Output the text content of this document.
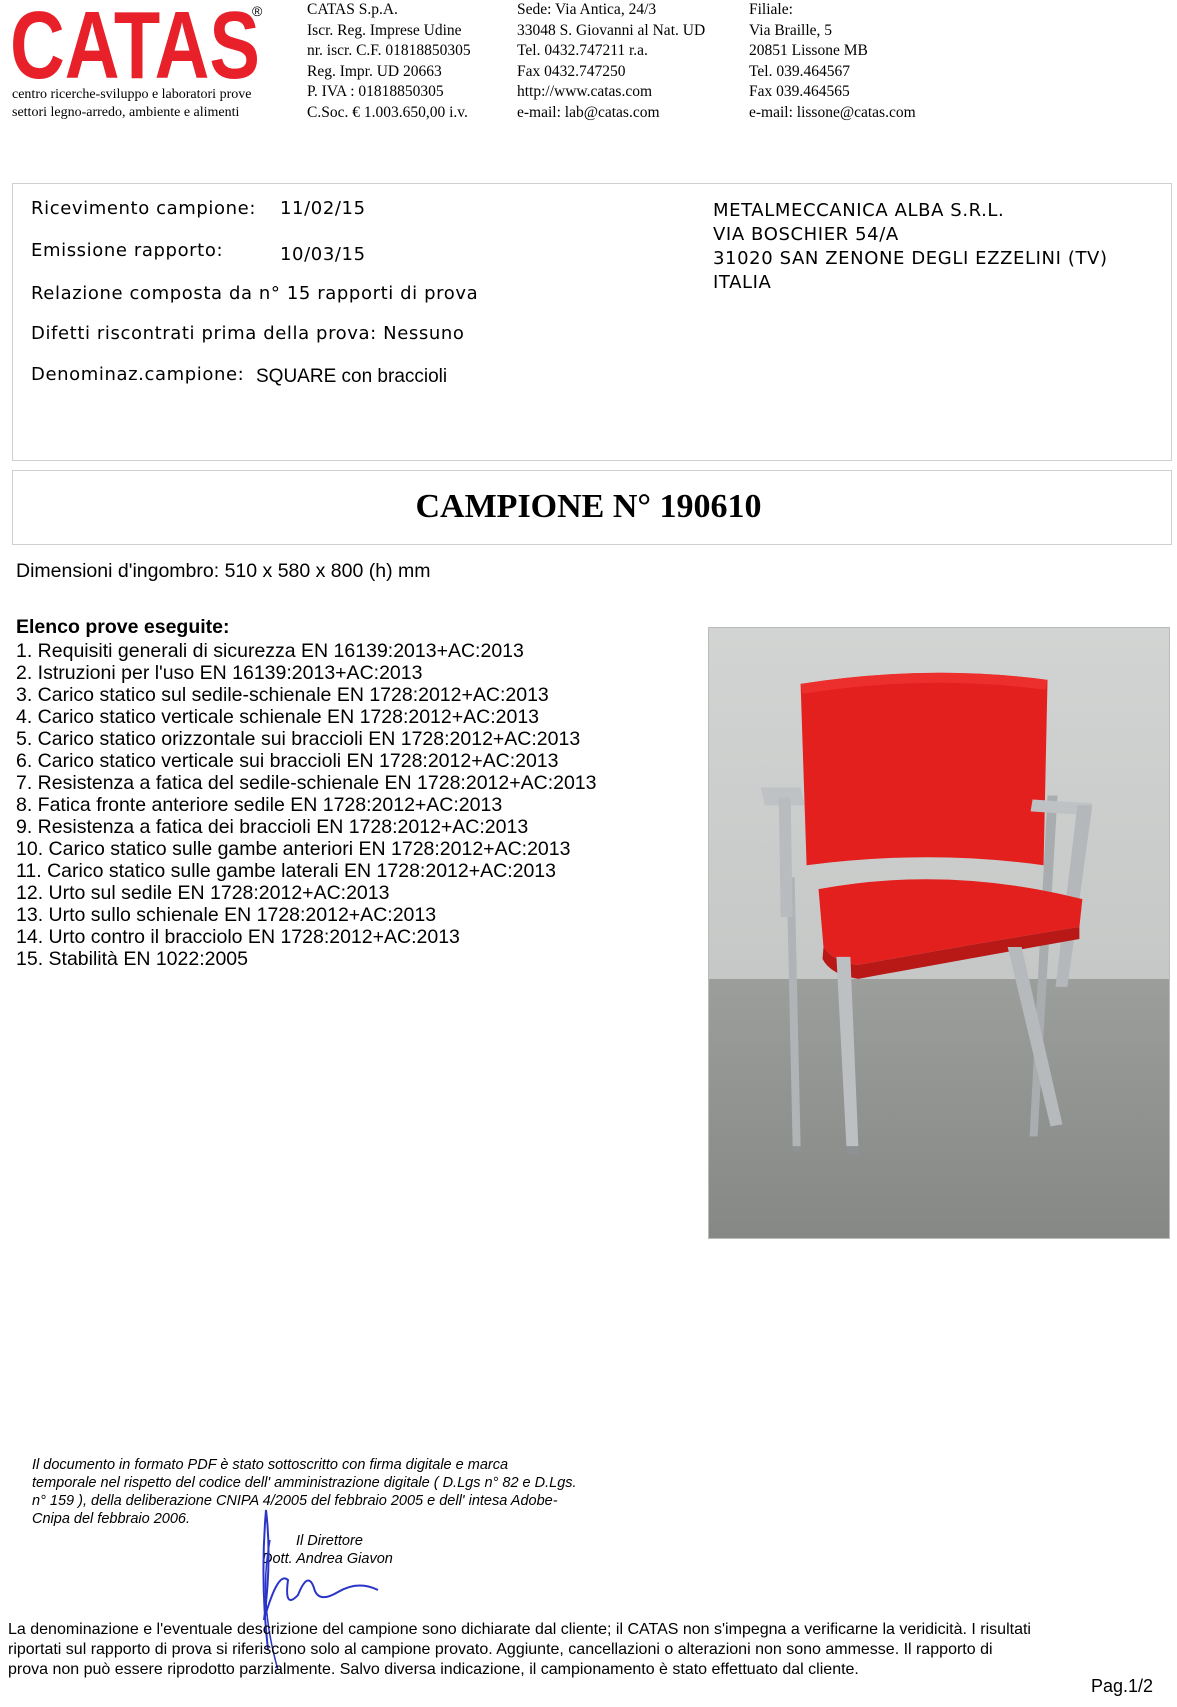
CATAS
®
centro ricerche-sviluppo e laboratori prove
settori legno-arredo, ambiente e alimenti
CATAS S.p.A.
Iscr. Reg. Imprese Udine
nr. iscr. C.F. 01818850305
Reg. Impr. UD 20663
P. IVA : 01818850305
C.Soc. € 1.003.650,00 i.v.
Sede: Via Antica, 24/3
33048 S. Giovanni al Nat. UD
Tel. 0432.747211 r.a.
Fax 0432.747250
http://www.catas.com
e-mail: lab@catas.com
Filiale:
Via Braille, 5
20851 Lissone MB
Tel. 039.464567
Fax 039.464565
e-mail: lissone@catas.com
Ricevimento campione: 11/02/15
Emissione rapporto:	10/03/15
Relazione composta da n° 15 rapporti di prova
Difetti riscontrati prima della prova: Nessuno
Denominaz.campione: SQUARE con braccioli
METALMECCANICA ALBA S.R.L.
VIA BOSCHIER 54/A
31020 SAN ZENONE DEGLI EZZELINI (TV)
ITALIA
CAMPIONE N° 190610
Dimensioni d'ingombro: 510 x 580 x 800 (h) mm
Elenco prove eseguite:
1. Requisiti generali di sicurezza EN 16139:2013+AC:2013
2. Istruzioni per l'uso EN 16139:2013+AC:2013
3. Carico statico sul sedile-schienale EN 1728:2012+AC:2013
4. Carico statico verticale schienale EN 1728:2012+AC:2013
5. Carico statico orizzontale sui braccioli EN 1728:2012+AC:2013
6. Carico statico verticale sui braccioli EN 1728:2012+AC:2013
7. Resistenza a fatica del sedile-schienale EN 1728:2012+AC:2013
8. Fatica fronte anteriore sedile EN 1728:2012+AC:2013
9. Resistenza a fatica dei braccioli EN 1728:2012+AC:2013
10. Carico statico sulle gambe anteriori EN 1728:2012+AC:2013
11. Carico statico sulle gambe laterali EN 1728:2012+AC:2013
12. Urto sul sedile EN 1728:2012+AC:2013
13. Urto sullo schienale EN 1728:2012+AC:2013
14. Urto contro il bracciolo EN 1728:2012+AC:2013
15. Stabilità EN 1022:2005
Il documento in formato PDF è stato sottoscritto con firma digitale e marca
temporale nel rispetto del codice dell' amministrazione digitale ( D.Lgs n° 82 e D.Lgs.
n° 159 ), della deliberazione CNIPA 4/2005 del febbraio 2005 e dell' intesa Adobe-
Cnipa del febbraio 2006.
Il Direttore
Dott. Andrea Giavon
La denominazione e l'eventuale descrizione del campione sono dichiarate dal cliente; il CATAS non s'impegna a verificarne la veridicità. I risultati
riportati sul rapporto di prova si riferiscono solo al campione provato. Aggiunte, cancellazioni o alterazioni non sono ammesse. Il rapporto di
prova non può essere riprodotto parzialmente. Salvo diversa indicazione, il campionamento è stato effettuato dal cliente.
Pag.1/2
